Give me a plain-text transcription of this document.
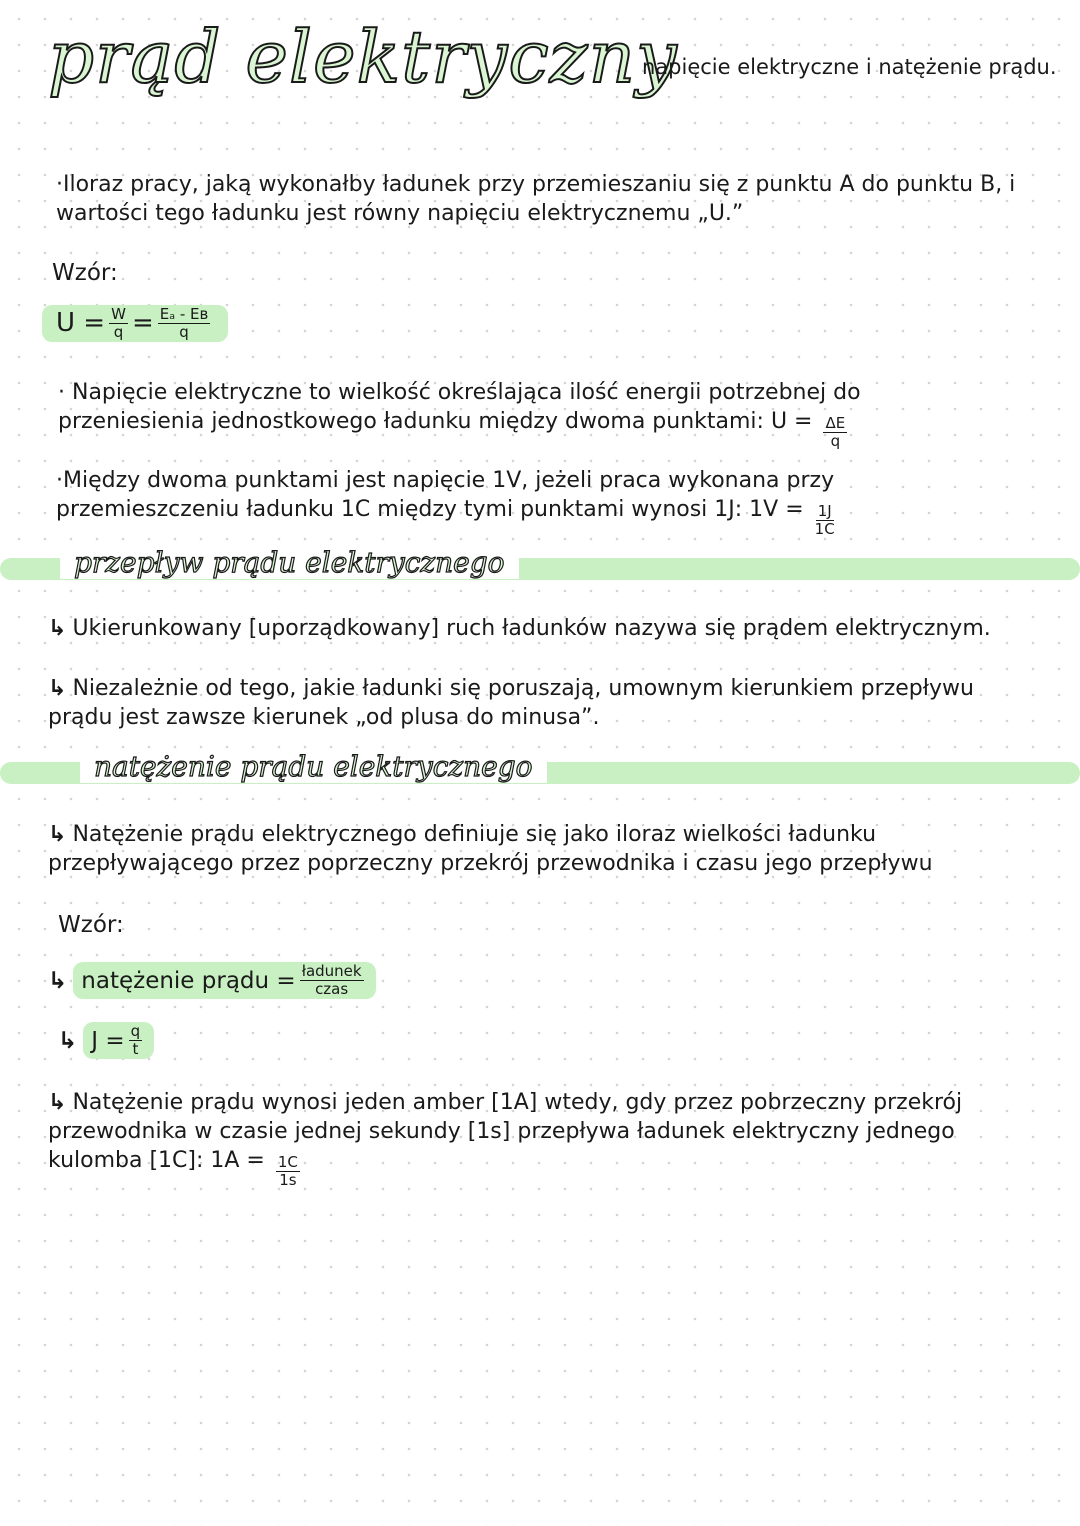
prąd elektryczny
napięcie elektryczne i natężenie prądu.
·Iloraz pracy, jaką wykonałby ładunek przy przemieszaniu się z punktu A do punktu B, i wartości tego ładunku jest równy napięciu elektrycznemu „U.”
Wzór:
$U = \frac{W}{q} = \frac{\text{Eₐ - Eʙ}}{q}$
· Napięcie elektryczne to wielkość określająca ilość energii potrzebnej do przeniesienia jednostkowego ładunku między dwoma punktami: $U = \frac{\Delta E}{q}$
·Między dwoma punktami jest napięcie 1V, jeżeli praca wykonana przy przemieszczeniu ładunku 1C między tymi punktami wynosi 1J: $1V = \frac{1J}{1C}$
przepływ prądu elektrycznego
↳ Ukierunkowany [uporządkowany] ruch ładunków nazywa się prądem elektrycznym.
↳ Niezależnie od tego, jakie ładunki się poruszają, umownym kierunkiem przepływu prądu jest zawsze kierunek „od plusa do minusa”.
natężenie prądu elektrycznego
↳ Natężenie prądu elektrycznego definiuje się jako iloraz wielkości ładunku przepływającego przez poprzeczny przekrój przewodnika i czasu jego przepływu
Wzór:
↳ natężenie prądu = $\frac{\text{ładunek}}{\text{czas}}$
↳ $J = \frac{q}{t}$
↳ Natężenie prądu wynosi jeden amber [1A] wtedy, gdy przez pobrzeczny przekrój przewodnika w czasie jednej sekundy [1s] przepływa ładunek elektryczny jednego kulomba [1C]: $1A = \frac{1C}{1s}$
